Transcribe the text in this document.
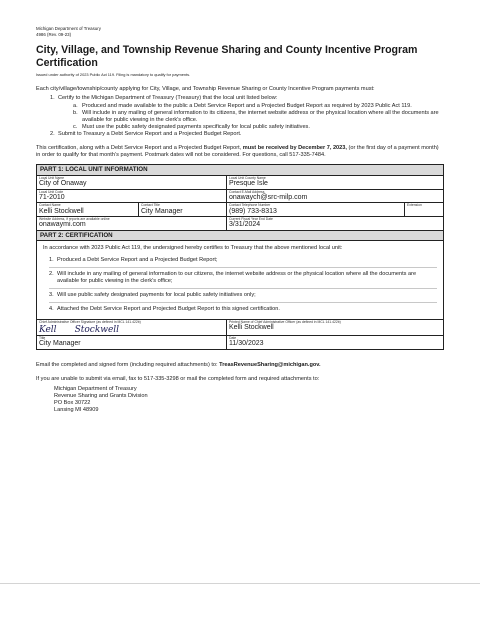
Michigan Department of Treasury
4986 (Rev. 09-23)
City, Village, and Township Revenue Sharing and County Incentive Program Certification
Issued under authority of 2023 Public Act 119. Filing is mandatory to qualify for payments.
Each city/village/township/county applying for City, Village, and Township Revenue Sharing or County Incentive Program payments must:
1. Certify to the Michigan Department of Treasury (Treasury) that the local unit listed below:
a. Produced and made available to the public a Debt Service Report and a Projected Budget Report as required by 2023 Public Act 119.
b. Will include in any mailing of general information to its citizens, the internet website address or the physical location where all the documents are available for public viewing in the clerk’s office.
c. Must use the public safety designated payments specifically for local public safety initiatives.
2. Submit to Treasury a Debt Service Report and a Projected Budget Report.
This certification, along with a Debt Service Report and a Projected Budget Report, must be received by December 7, 2023, (or the first day of a payment month) in order to qualify for that month’s payment. Postmark dates will not be considered. For questions, call 517-335-7484.
PART 1: LOCAL UNIT INFORMATION
Local Unit Name
City of Onaway
Local Unit County Name
Presque Isle
Local Unit Code
71-2010
Contact E-Mail Address
onawaych@src-milp.com
Contact Name
Kelli Stockwell
Contact Title
City Manager
Contact Telephone Number
(989) 733-8313
Extension
Website Address, if reports are available online
onawaymi.com
Current Fiscal Year End Date
3/31/2024
PART 2: CERTIFICATION
In accordance with 2023 Public Act 119, the undersigned hereby certifies to Treasury that the above mentioned local unit:
1. Produced a Debt Service Report and a Projected Budget Report;
2. Will include in any mailing of general information to our citizens, the internet website address or the physical location where all the documents are available for public viewing in the clerk’s office;
3. Will use public safety designated payments for local public safety initiatives only;
4. Attached the Debt Service Report and Projected Budget Report to this signed certification.
Chief Administrative Officer Signature (as defined in MCL 141.422b)
Kell Stockwell
Printed Name of Chief Administrative Officer (as defined in MCL 141.422b)
Kelli Stockwell
Title
City Manager
Date
11/30/2023
Email the completed and signed form (including required attachments) to: TreasRevenueSharing@michigan.gov.
If you are unable to submit via email, fax to 517-335-3298 or mail the completed form and required attachments to:
Michigan Department of Treasury
Revenue Sharing and Grants Division
PO Box 30722
Lansing MI 48909
